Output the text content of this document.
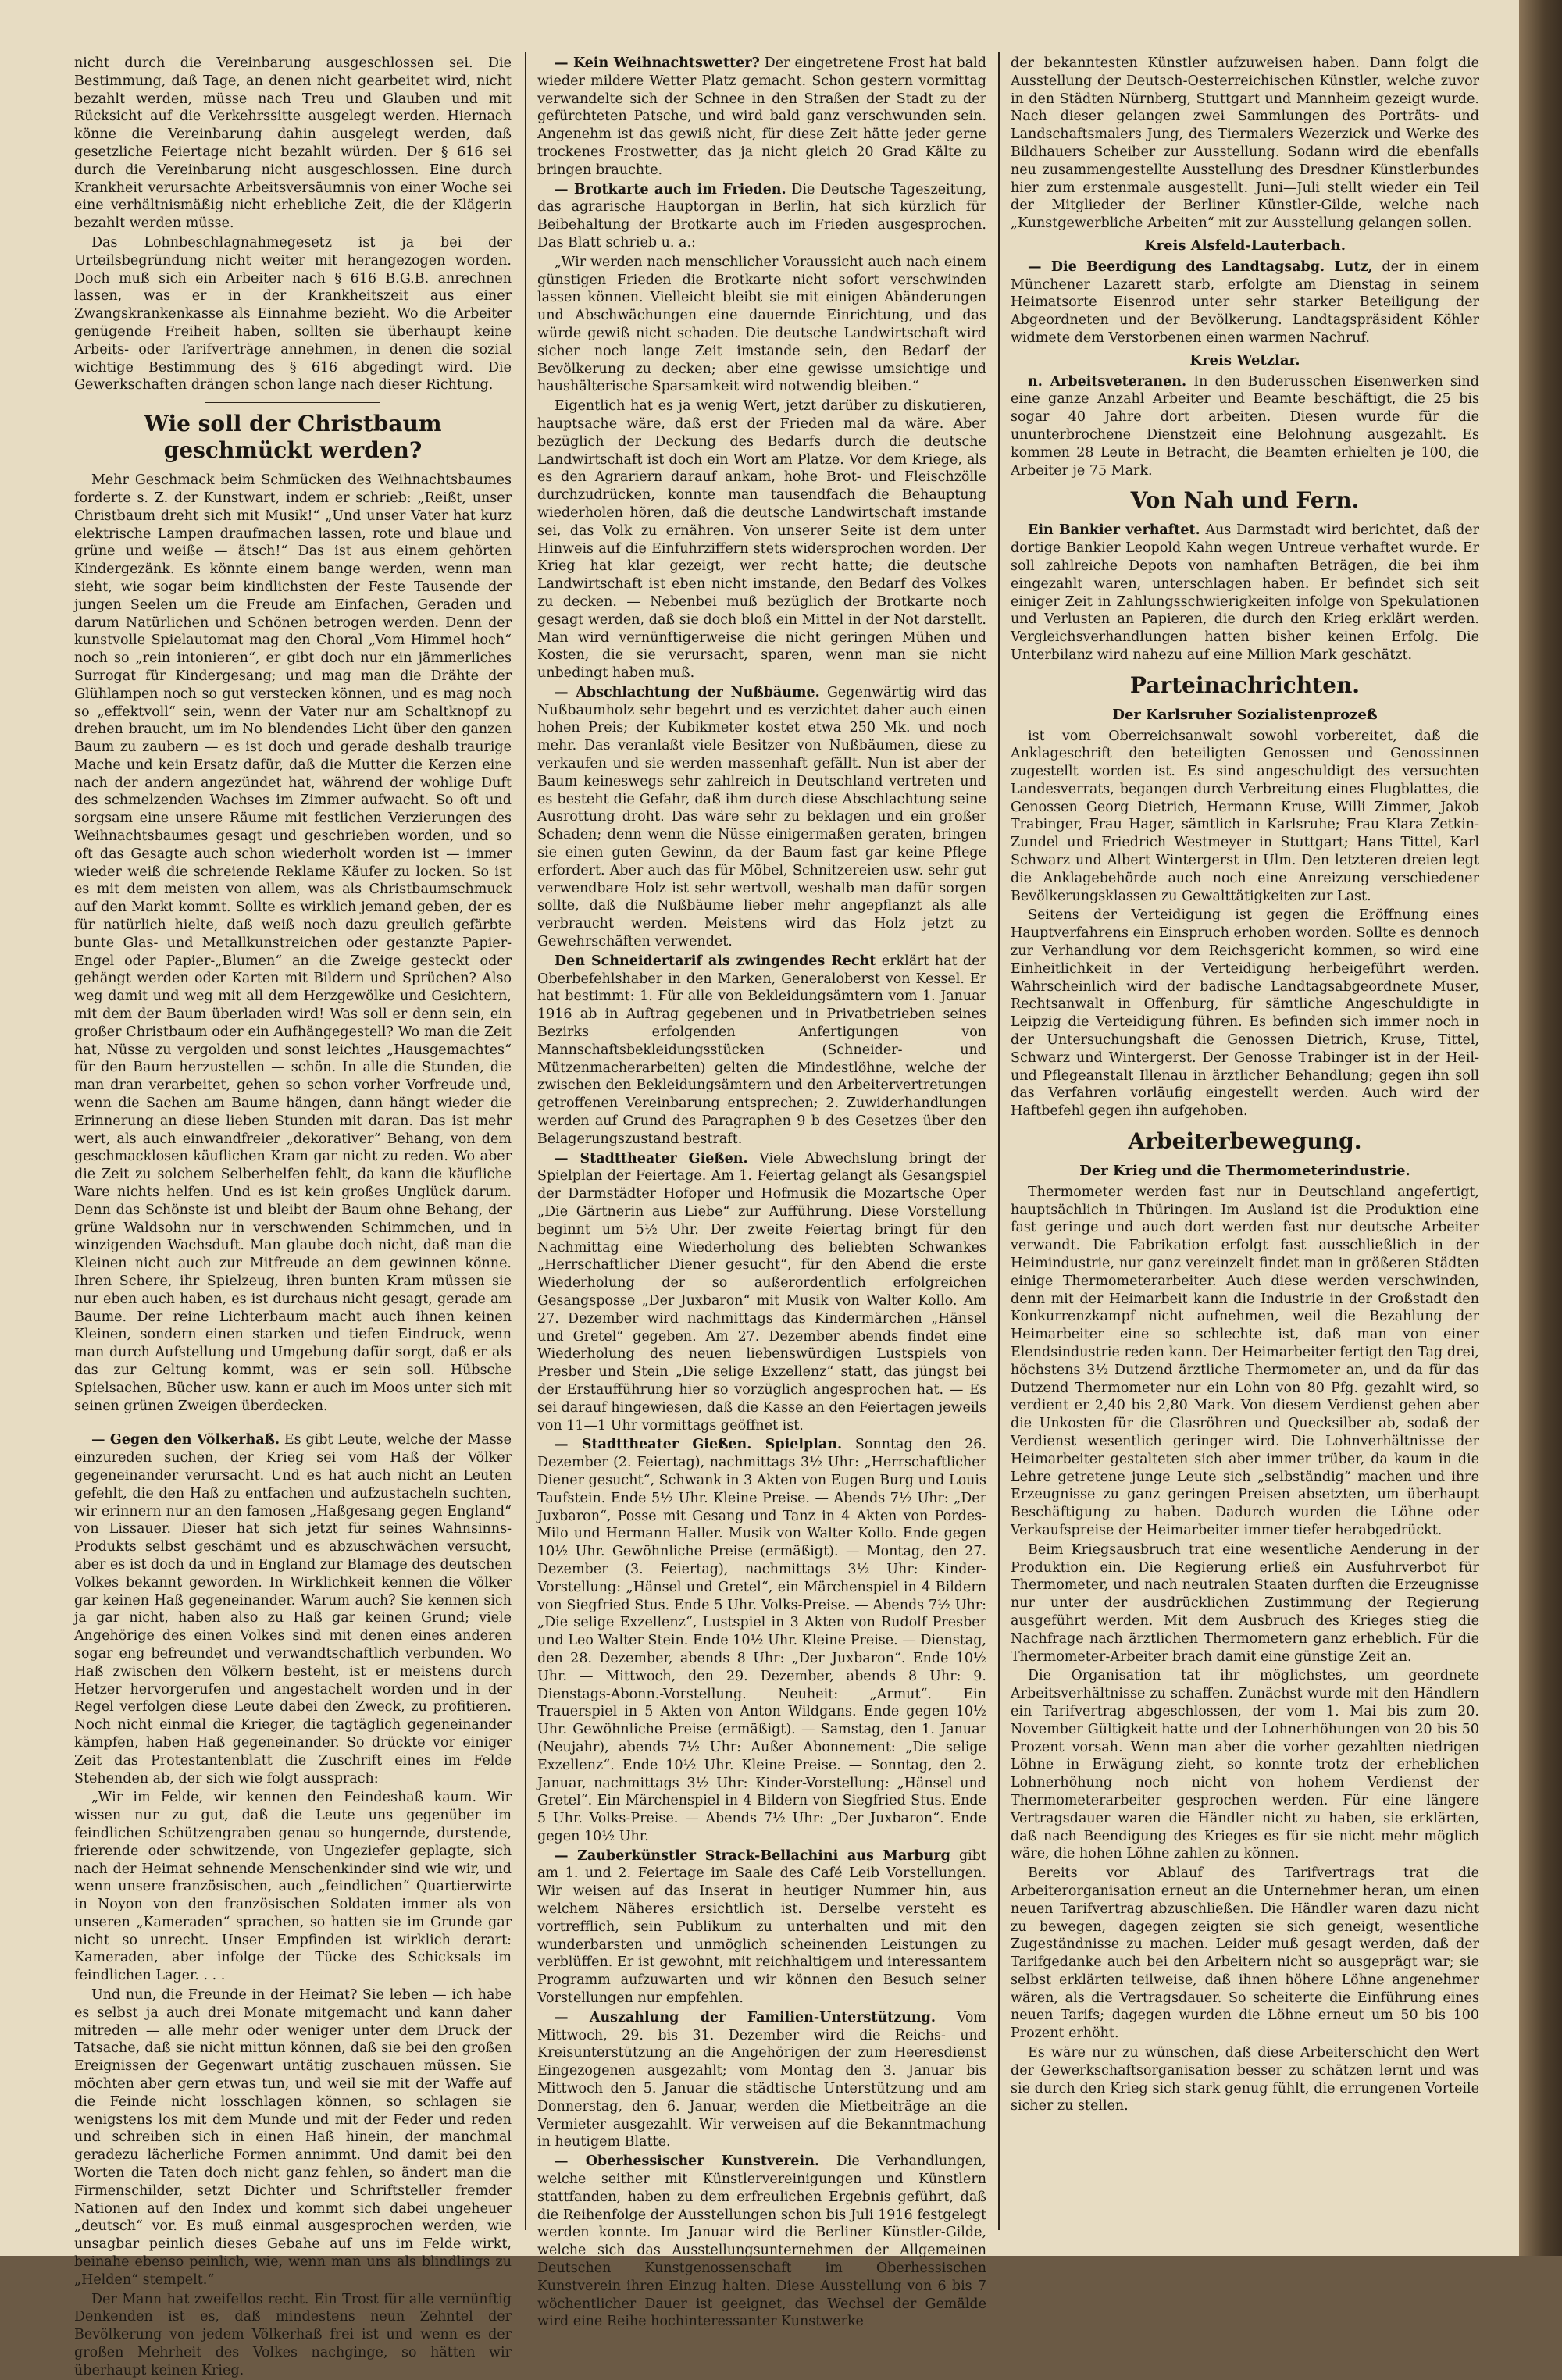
nicht durch die Vereinbarung ausgeschlossen sei. Die Bestimmung, daß Tage, an denen nicht gearbeitet wird, nicht bezahlt werden, müsse nach Treu und Glauben und mit Rücksicht auf die Verkehrssitte ausgelegt werden. Hiernach könne die Vereinbarung dahin ausgelegt werden, daß gesetzliche Feiertage nicht bezahlt würden. Der § 616 sei durch die Vereinbarung nicht ausgeschlossen. Eine durch Krankheit verursachte Arbeitsversäumnis von einer Woche sei eine verhältnismäßig nicht erhebliche Zeit, die der Klägerin bezahlt werden müsse.

Das Lohnbeschlagnahmegesetz ist ja bei der Urteilsbegründung nicht weiter mit herangezogen worden. Doch muß sich ein Arbeiter nach § 616 B.G.B. anrechnen lassen, was er in der Krankheitszeit aus einer Zwangskrankenkasse als Einnahme bezieht. Wo die Arbeiter genügende Freiheit haben, sollten sie überhaupt keine Arbeits- oder Tarifverträge annehmen, in denen die sozial wichtige Bestimmung des § 616 abgedingt wird. Die Gewerkschaften drängen schon lange nach dieser Richtung.

Wie soll der Christbaum geschmückt werden?

Mehr Geschmack beim Schmücken des Weihnachtsbaumes forderte s. Z. der Kunstwart, indem er schrieb: „Reißt, unser Christbaum dreht sich mit Musik!“ „Und unser Vater hat kurz elektrische Lampen draufmachen lassen, rote und blaue und grüne und weiße — ätsch!“ Das ist aus einem gehörten Kindergezänk. Es könnte einem bange werden, wenn man sieht, wie sogar beim kindlichsten der Feste Tausende der jungen Seelen um die Freude am Einfachen, Geraden und darum Natürlichen und Schönen betrogen werden. Denn der kunstvolle Spielautomat mag den Choral „Vom Himmel hoch“ noch so „rein intonieren“, er gibt doch nur ein jämmerliches Surrogat für Kindergesang; und mag man die Drähte der Glühlampen noch so gut verstecken können, und es mag noch so „effektvoll“ sein, wenn der Vater nur am Schaltknopf zu drehen braucht, um im No blendendes Licht über den ganzen Baum zu zaubern — es ist doch und gerade deshalb traurige Mache und kein Ersatz dafür, daß die Mutter die Kerzen eine nach der andern angezündet hat, während der wohlige Duft des schmelzenden Wachses im Zimmer aufwacht. So oft und sorgsam eine unsere Räume mit festlichen Verzierungen des Weihnachtsbaumes gesagt und geschrieben worden, und so oft das Gesagte auch schon wiederholt worden ist — immer wieder weiß die schreiende Reklame Käufer zu locken. So ist es mit dem meisten von allem, was als Christbaumschmuck auf den Markt kommt. Sollte es wirklich jemand geben, der es für natürlich hielte, daß weiß noch dazu greulich gefärbte bunte Glas- und Metallkunstreichen oder gestanzte Papier-Engel oder Papier-„Blumen“ an die Zweige gesteckt oder gehängt werden oder Karten mit Bildern und Sprüchen? Also weg damit und weg mit all dem Herzgewölke und Gesichtern, mit dem der Baum überladen wird! Was soll er denn sein, ein großer Christbaum oder ein Aufhängegestell? Wo man die Zeit hat, Nüsse zu vergolden und sonst leichtes „Hausgemachtes“ für den Baum herzustellen — schön. In alle die Stunden, die man dran verarbeitet, gehen so schon vorher Vorfreude und, wenn die Sachen am Baume hängen, dann hängt wieder die Erinnerung an diese lieben Stunden mit daran. Das ist mehr wert, als auch einwandfreier „dekorativer“ Behang, von dem geschmacklosen käuflichen Kram gar nicht zu reden. Wo aber die Zeit zu solchem Selberhelfen fehlt, da kann die käufliche Ware nichts helfen. Und es ist kein großes Unglück darum. Denn das Schönste ist und bleibt der Baum ohne Behang, der grüne Waldsohn nur in verschwenden Schimmchen, und in winzigenden Wachsduft. Man glaube doch nicht, daß man die Kleinen nicht auch zur Mitfreude an dem gewinnen könne. Ihren Schere, ihr Spielzeug, ihren bunten Kram müssen sie nur eben auch haben, es ist durchaus nicht gesagt, gerade am Baume. Der reine Lichterbaum macht auch ihnen keinen Kleinen, sondern einen starken und tiefen Eindruck, wenn man durch Aufstellung und Umgebung dafür sorgt, daß er als das zur Geltung kommt, was er sein soll. Hübsche Spielsachen, Bücher usw. kann er auch im Moos unter sich mit seinen grünen Zweigen überdecken.

— Gegen den Völkerhaß. Es gibt Leute, welche der Masse einzureden suchen, der Krieg sei vom Haß der Völker gegeneinander verursacht. Und es hat auch nicht an Leuten gefehlt, die den Haß zu entfachen und aufzustacheln suchten, wir erinnern nur an den famosen „Haßgesang gegen England“ von Lissauer. Dieser hat sich jetzt für seines Wahnsinns-Produkts selbst geschämt und es abzuschwächen versucht, aber es ist doch da und in England zur Blamage des deutschen Volkes bekannt geworden. In Wirklichkeit kennen die Völker gar keinen Haß gegeneinander. Warum auch? Sie kennen sich ja gar nicht, haben also zu Haß gar keinen Grund; viele Angehörige des einen Volkes sind mit denen eines anderen sogar eng befreundet und verwandtschaftlich verbunden. Wo Haß zwischen den Völkern besteht, ist er meistens durch Hetzer hervorgerufen und angestachelt worden und in der Regel verfolgen diese Leute dabei den Zweck, zu profitieren. Noch nicht einmal die Krieger, die tagtäglich gegeneinander kämpfen, haben Haß gegeneinander. So drückte vor einiger Zeit das Protestantenblatt die Zuschrift eines im Felde Stehenden ab, der sich wie folgt aussprach:

„Wir im Felde, wir kennen den Feindeshaß kaum. Wir wissen nur zu gut, daß die Leute uns gegenüber im feindlichen Schützengraben genau so hungernde, durstende, frierende oder schwitzende, von Ungeziefer geplagte, sich nach der Heimat sehnende Menschenkinder sind wie wir, und wenn unsere französischen, auch „feindlichen“ Quartierwirte in Noyon von den französischen Soldaten immer als von unseren „Kameraden“ sprachen, so hatten sie im Grunde gar nicht so unrecht. Unser Empfinden ist wirklich derart: Kameraden, aber infolge der Tücke des Schicksals im feindlichen Lager. . . .

Und nun, die Freunde in der Heimat? Sie leben — ich habe es selbst ja auch drei Monate mitgemacht und kann daher mitreden — alle mehr oder weniger unter dem Druck der Tatsache, daß sie nicht mittun können, daß sie bei den großen Ereignissen der Gegenwart untätig zuschauen müssen. Sie möchten aber gern etwas tun, und weil sie mit der Waffe auf die Feinde nicht losschlagen können, so schlagen sie wenigstens los mit dem Munde und mit der Feder und reden und schreiben sich in einen Haß hinein, der manchmal geradezu lächerliche Formen annimmt. Und damit bei den Worten die Taten doch nicht ganz fehlen, so ändert man die Firmenschilder, setzt Dichter und Schriftsteller fremder Nationen auf den Index und kommt sich dabei ungeheuer „deutsch“ vor. Es muß einmal ausgesprochen werden, wie unsagbar peinlich dieses Gebahe auf uns im Felde wirkt, beinahe ebenso peinlich, wie, wenn man uns als blindlings zu „Helden“ stempelt.“

Der Mann hat zweifellos recht. Ein Trost für alle vernünftig Denkenden ist es, daß mindestens neun Zehntel der Bevölkerung von jedem Völkerhaß frei ist und wenn es der großen Mehrheit des Volkes nachginge, so hätten wir überhaupt keinen Krieg.

— Kein Weihnachtswetter? Der eingetretene Frost hat bald wieder mildere Wetter Platz gemacht. Schon gestern vormittag verwandelte sich der Schnee in den Straßen der Stadt zu der gefürchteten Patsche, und wird bald ganz verschwunden sein. Angenehm ist das gewiß nicht, für diese Zeit hätte jeder gerne trockenes Frostwetter, das ja nicht gleich 20 Grad Kälte zu bringen brauchte.

— Brotkarte auch im Frieden. Die Deutsche Tageszeitung, das agrarische Hauptorgan in Berlin, hat sich kürzlich für Beibehaltung der Brotkarte auch im Frieden ausgesprochen. Das Blatt schrieb u. a.:

„Wir werden nach menschlicher Voraussicht auch nach einem günstigen Frieden die Brotkarte nicht sofort verschwinden lassen können. Vielleicht bleibt sie mit einigen Abänderungen und Abschwächungen eine dauernde Einrichtung, und das würde gewiß nicht schaden. Die deutsche Landwirtschaft wird sicher noch lange Zeit imstande sein, den Bedarf der Bevölkerung zu decken; aber eine gewisse umsichtige und haushälterische Sparsamkeit wird notwendig bleiben.“

Eigentlich hat es ja wenig Wert, jetzt darüber zu diskutieren, hauptsache wäre, daß erst der Frieden mal da wäre. Aber bezüglich der Deckung des Bedarfs durch die deutsche Landwirtschaft ist doch ein Wort am Platze. Vor dem Kriege, als es den Agrariern darauf ankam, hohe Brot- und Fleischzölle durchzudrücken, konnte man tausendfach die Behauptung wiederholen hören, daß die deutsche Landwirtschaft imstande sei, das Volk zu ernähren. Von unserer Seite ist dem unter Hinweis auf die Einfuhrziffern stets widersprochen worden. Der Krieg hat klar gezeigt, wer recht hatte; die deutsche Landwirtschaft ist eben nicht imstande, den Bedarf des Volkes zu decken. — Nebenbei muß bezüglich der Brotkarte noch gesagt werden, daß sie doch bloß ein Mittel in der Not darstellt. Man wird vernünftigerweise die nicht geringen Mühen und Kosten, die sie verursacht, sparen, wenn man sie nicht unbedingt haben muß.

— Abschlachtung der Nußbäume. Gegenwärtig wird das Nußbaumholz sehr begehrt und es verzichtet daher auch einen hohen Preis; der Kubikmeter kostet etwa 250 Mk. und noch mehr. Das veranlaßt viele Besitzer von Nußbäumen, diese zu verkaufen und sie werden massenhaft gefällt. Nun ist aber der Baum keineswegs sehr zahlreich in Deutschland vertreten und es besteht die Gefahr, daß ihm durch diese Abschlachtung seine Ausrottung droht. Das wäre sehr zu beklagen und ein großer Schaden; denn wenn die Nüsse einigermaßen geraten, bringen sie einen guten Gewinn, da der Baum fast gar keine Pflege erfordert. Aber auch das für Möbel, Schnitzereien usw. sehr gut verwendbare Holz ist sehr wertvoll, weshalb man dafür sorgen sollte, daß die Nußbäume lieber mehr angepflanzt als alle verbraucht werden. Meistens wird das Holz jetzt zu Gewehrschäften verwendet.

Den Schneidertarif als zwingendes Recht erklärt hat der Oberbefehlshaber in den Marken, Generaloberst von Kessel. Er hat bestimmt: 1. Für alle von Bekleidungsämtern vom 1. Januar 1916 ab in Auftrag gegebenen und in Privatbetrieben seines Bezirks erfolgenden Anfertigungen von Mannschaftsbekleidungsstücken (Schneider- und Mützenmacherarbeiten) gelten die Mindestlöhne, welche der zwischen den Bekleidungsämtern und den Arbeitervertretungen getroffenen Vereinbarung entsprechen; 2. Zuwiderhandlungen werden auf Grund des Paragraphen 9 b des Gesetzes über den Belagerungszustand bestraft.

— Stadttheater Gießen. Viele Abwechslung bringt der Spielplan der Feiertage. Am 1. Feiertag gelangt als Gesangspiel der Darmstädter Hofoper und Hofmusik die Mozartsche Oper „Die Gärtnerin aus Liebe“ zur Aufführung. Diese Vorstellung beginnt um 5½ Uhr. Der zweite Feiertag bringt für den Nachmittag eine Wiederholung des beliebten Schwankes „Herrschaftlicher Diener gesucht“, für den Abend die erste Wiederholung der so außerordentlich erfolgreichen Gesangsposse „Der Juxbaron“ mit Musik von Walter Kollo. Am 27. Dezember wird nachmittags das Kindermärchen „Hänsel und Gretel“ gegeben. Am 27. Dezember abends findet eine Wiederholung des neuen liebenswürdigen Lustspiels von Presber und Stein „Die selige Exzellenz“ statt, das jüngst bei der Erstaufführung hier so vorzüglich angesprochen hat. — Es sei darauf hingewiesen, daß die Kasse an den Feiertagen jeweils von 11—1 Uhr vormittags geöffnet ist.

— Stadttheater Gießen. Spielplan. Sonntag den 26. Dezember (2. Feiertag), nachmittags 3½ Uhr: „Herrschaftlicher Diener gesucht“, Schwank in 3 Akten von Eugen Burg und Louis Taufstein. Ende 5½ Uhr. Kleine Preise. — Abends 7½ Uhr: „Der Juxbaron“, Posse mit Gesang und Tanz in 4 Akten von Pordes-Milo und Hermann Haller. Musik von Walter Kollo. Ende gegen 10½ Uhr. Gewöhnliche Preise (ermäßigt). — Montag, den 27. Dezember (3. Feiertag), nachmittags 3½ Uhr: Kinder-Vorstellung: „Hänsel und Gretel“, ein Märchenspiel in 4 Bildern von Siegfried Stus. Ende 5 Uhr. Volks-Preise. — Abends 7½ Uhr: „Die selige Exzellenz“, Lustspiel in 3 Akten von Rudolf Presber und Leo Walter Stein. Ende 10½ Uhr. Kleine Preise. — Dienstag, den 28. Dezember, abends 8 Uhr: „Der Juxbaron“. Ende 10½ Uhr. — Mittwoch, den 29. Dezember, abends 8 Uhr: 9. Dienstags-Abonn.-Vorstellung. Neuheit: „Armut“. Ein Trauerspiel in 5 Akten von Anton Wildgans. Ende gegen 10½ Uhr. Gewöhnliche Preise (ermäßigt). — Samstag, den 1. Januar (Neujahr), abends 7½ Uhr: Außer Abonnement: „Die selige Exzellenz“. Ende 10½ Uhr. Kleine Preise. — Sonntag, den 2. Januar, nachmittags 3½ Uhr: Kinder-Vorstellung: „Hänsel und Gretel“. Ein Märchenspiel in 4 Bildern von Siegfried Stus. Ende 5 Uhr. Volks-Preise. — Abends 7½ Uhr: „Der Juxbaron“. Ende gegen 10½ Uhr.

— Zauberkünstler Strack-Bellachini aus Marburg gibt am 1. und 2. Feiertage im Saale des Café Leib Vorstellungen. Wir weisen auf das Inserat in heutiger Nummer hin, aus welchem Näheres ersichtlich ist. Derselbe versteht es vortrefflich, sein Publikum zu unterhalten und mit den wunderbarsten und unmöglich scheinenden Leistungen zu verblüffen. Er ist gewohnt, mit reichhaltigem und interessantem Programm aufzuwarten und wir können den Besuch seiner Vorstellungen nur empfehlen.

— Auszahlung der Familien-Unterstützung. Vom Mittwoch, 29. bis 31. Dezember wird die Reichs- und Kreisunterstützung an die Angehörigen der zum Heeresdienst Eingezogenen ausgezahlt; vom Montag den 3. Januar bis Mittwoch den 5. Januar die städtische Unterstützung und am Donnerstag, den 6. Januar, werden die Mietbeiträge an die Vermieter ausgezahlt. Wir verweisen auf die Bekanntmachung in heutigem Blatte.

— Oberhessischer Kunstverein. Die Verhandlungen, welche seither mit Künstlervereinigungen und Künstlern stattfanden, haben zu dem erfreulichen Ergebnis geführt, daß die Reihenfolge der Ausstellungen schon bis Juli 1916 festgelegt werden konnte. Im Januar wird die Berliner Künstler-Gilde, welche sich das Ausstellungsunternehmen der Allgemeinen Deutschen Kunstgenossenschaft im Oberhessischen Kunstverein ihren Einzug halten. Diese Ausstellung von 6 bis 7 wöchentlicher Dauer ist geeignet, das Wechsel der Gemälde wird eine Reihe hochinteressanter Kunstwerke

der bekanntesten Künstler aufzuweisen haben. Dann folgt die Ausstellung der Deutsch-Oesterreichischen Künstler, welche zuvor in den Städten Nürnberg, Stuttgart und Mannheim gezeigt wurde. Nach dieser gelangen zwei Sammlungen des Porträts- und Landschaftsmalers Jung, des Tiermalers Wezerzick und Werke des Bildhauers Scheiber zur Ausstellung. Sodann wird die ebenfalls neu zusammengestellte Ausstellung des Dresdner Künstlerbundes hier zum erstenmale ausgestellt. Juni—Juli stellt wieder ein Teil der Mitglieder der Berliner Künstler-Gilde, welche nach „Kunstgewerbliche Arbeiten“ mit zur Ausstellung gelangen sollen.

Kreis Alsfeld-Lauterbach.

— Die Beerdigung des Landtagsabg. Lutz, der in einem Münchener Lazarett starb, erfolgte am Dienstag in seinem Heimatsorte Eisenrod unter sehr starker Beteiligung der Abgeordneten und der Bevölkerung. Landtagspräsident Köhler widmete dem Verstorbenen einen warmen Nachruf.

Kreis Wetzlar.

n. Arbeitsveteranen. In den Buderusschen Eisenwerken sind eine ganze Anzahl Arbeiter und Beamte beschäftigt, die 25 bis sogar 40 Jahre dort arbeiten. Diesen wurde für die ununterbrochene Dienstzeit eine Belohnung ausgezahlt. Es kommen 28 Leute in Betracht, die Beamten erhielten je 100, die Arbeiter je 75 Mark.

Von Nah und Fern.

Ein Bankier verhaftet. Aus Darmstadt wird berichtet, daß der dortige Bankier Leopold Kahn wegen Untreue verhaftet wurde. Er soll zahlreiche Depots von namhaften Beträgen, die bei ihm eingezahlt waren, unterschlagen haben. Er befindet sich seit einiger Zeit in Zahlungsschwierigkeiten infolge von Spekulationen und Verlusten an Papieren, die durch den Krieg erklärt werden. Vergleichsverhandlungen hatten bisher keinen Erfolg. Die Unterbilanz wird nahezu auf eine Million Mark geschätzt.

Parteinachrichten.
Der Karlsruher Sozialistenprozeß

ist vom Oberreichsanwalt sowohl vorbereitet, daß die Anklageschrift den beteiligten Genossen und Genossinnen zugestellt worden ist. Es sind angeschuldigt des versuchten Landesverrats, begangen durch Verbreitung eines Flugblattes, die Genossen Georg Dietrich, Hermann Kruse, Willi Zimmer, Jakob Trabinger, Frau Hager, sämtlich in Karlsruhe; Frau Klara Zetkin-Zundel und Friedrich Westmeyer in Stuttgart; Hans Tittel, Karl Schwarz und Albert Wintergerst in Ulm. Den letzteren dreien legt die Anklagebehörde auch noch eine Anreizung verschiedener Bevölkerungsklassen zu Gewalttätigkeiten zur Last.

Seitens der Verteidigung ist gegen die Eröffnung eines Hauptverfahrens ein Einspruch erhoben worden. Sollte es dennoch zur Verhandlung vor dem Reichsgericht kommen, so wird eine Einheitlichkeit in der Verteidigung herbeigeführt werden. Wahrscheinlich wird der badische Landtagsabgeordnete Muser, Rechtsanwalt in Offenburg, für sämtliche Angeschuldigte in Leipzig die Verteidigung führen. Es befinden sich immer noch in der Untersuchungshaft die Genossen Dietrich, Kruse, Tittel, Schwarz und Wintergerst. Der Genosse Trabinger ist in der Heil- und Pflegeanstalt Illenau in ärztlicher Behandlung; gegen ihn soll das Verfahren vorläufig eingestellt werden. Auch wird der Haftbefehl gegen ihn aufgehoben.

Arbeiterbewegung.
Der Krieg und die Thermometerindustrie.

Thermometer werden fast nur in Deutschland angefertigt, hauptsächlich in Thüringen. Im Ausland ist die Produktion eine fast geringe und auch dort werden fast nur deutsche Arbeiter verwandt. Die Fabrikation erfolgt fast ausschließlich in der Heimindustrie, nur ganz vereinzelt findet man in größeren Städten einige Thermometerarbeiter. Auch diese werden verschwinden, denn mit der Heimarbeit kann die Industrie in der Großstadt den Konkurrenzkampf nicht aufnehmen, weil die Bezahlung der Heimarbeiter eine so schlechte ist, daß man von einer Elendsindustrie reden kann. Der Heimarbeiter fertigt den Tag drei, höchstens 3½ Dutzend ärztliche Thermometer an, und da für das Dutzend Thermometer nur ein Lohn von 80 Pfg. gezahlt wird, so verdient er 2,40 bis 2,80 Mark. Von diesem Verdienst gehen aber die Unkosten für die Glasröhren und Quecksilber ab, sodaß der Verdienst wesentlich geringer wird. Die Lohnverhältnisse der Heimarbeiter gestalteten sich aber immer trüber, da kaum in die Lehre getretene junge Leute sich „selbständig“ machen und ihre Erzeugnisse zu ganz geringen Preisen absetzten, um überhaupt Beschäftigung zu haben. Dadurch wurden die Löhne oder Verkaufspreise der Heimarbeiter immer tiefer herabgedrückt.

Beim Kriegsausbruch trat eine wesentliche Aenderung in der Produktion ein. Die Regierung erließ ein Ausfuhrverbot für Thermometer, und nach neutralen Staaten durften die Erzeugnisse nur unter der ausdrücklichen Zustimmung der Regierung ausgeführt werden. Mit dem Ausbruch des Krieges stieg die Nachfrage nach ärztlichen Thermometern ganz erheblich. Für die Thermometer-Arbeiter brach damit eine günstige Zeit an.

Die Organisation tat ihr möglichstes, um geordnete Arbeitsverhältnisse zu schaffen. Zunächst wurde mit den Händlern ein Tarifvertrag abgeschlossen, der vom 1. Mai bis zum 20. November Gültigkeit hatte und der Lohnerhöhungen von 20 bis 50 Prozent vorsah. Wenn man aber die vorher gezahlten niedrigen Löhne in Erwägung zieht, so konnte trotz der erheblichen Lohnerhöhung noch nicht von hohem Verdienst der Thermometerarbeiter gesprochen werden. Für eine längere Vertragsdauer waren die Händler nicht zu haben, sie erklärten, daß nach Beendigung des Krieges es für sie nicht mehr möglich wäre, die hohen Löhne zahlen zu können.

Bereits vor Ablauf des Tarifvertrags trat die Arbeiterorganisation erneut an die Unternehmer heran, um einen neuen Tarifvertrag abzuschließen. Die Händler waren dazu nicht zu bewegen, dagegen zeigten sie sich geneigt, wesentliche Zugeständnisse zu machen. Leider muß gesagt werden, daß der Tarifgedanke auch bei den Arbeitern nicht so ausgeprägt war; sie selbst erklärten teilweise, daß ihnen höhere Löhne angenehmer wären, als die Vertragsdauer. So scheiterte die Einführung eines neuen Tarifs; dagegen wurden die Löhne erneut um 50 bis 100 Prozent erhöht.

Es wäre nur zu wünschen, daß diese Arbeiterschicht den Wert der Gewerkschaftsorganisation besser zu schätzen lernt und was sie durch den Krieg sich stark genug fühlt, die errungenen Vorteile sicher zu stellen.
